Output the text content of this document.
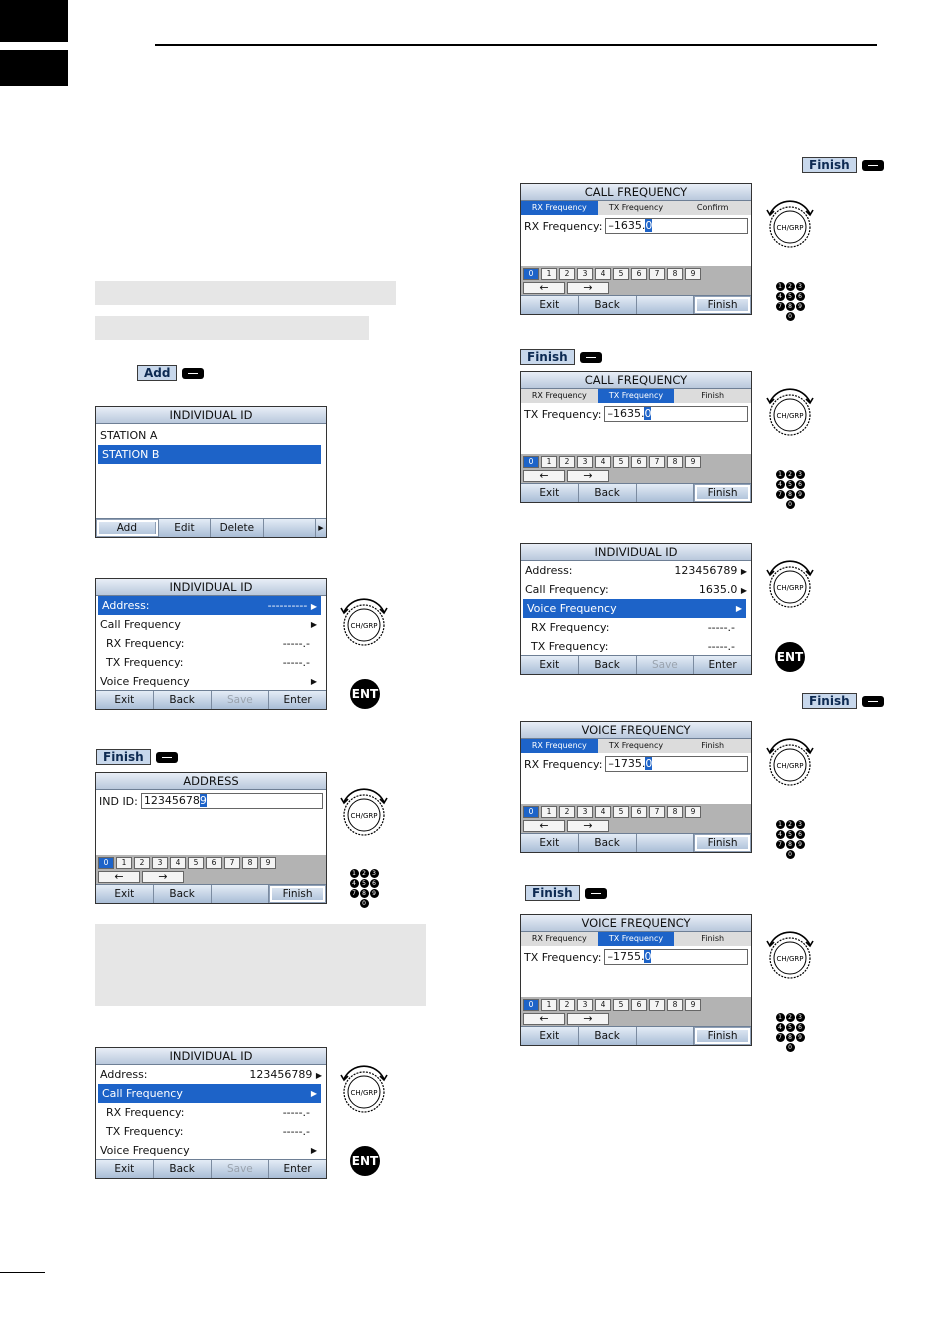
Add
Finish
Finish
Finish
Finish
Finish
INDIVIDUAL ID
STATION A
STATION B
Add	Edit	Delete	▶
INDIVIDUAL ID
Address:	---------- ▶
Call Frequency	▶
RX Frequency:	-----.-
TX Frequency:	-----.-
Voice Frequency	▶
Exit	Back	Save	Enter
ADDRESS
IND ID: 123456789
0	1	2	3	4	5	6	7	8	9
←	→
Exit	Back	Finish
INDIVIDUAL ID
Address:	123456789 ▶
Call Frequency	▶
RX Frequency:	-----.-
TX Frequency:	-----.-
Voice Frequency	▶
Exit	Back	Save	Enter
CALL FREQUENCY
RX Frequency	TX Frequency	Confirm
RX Frequency: –1635.0
0	1	2	3	4	5	6	7	8	9
←	→
Exit	Back	Finish
CALL FREQUENCY
RX Frequency	TX Frequency	Finish
TX Frequency: –1635.0
0	1	2	3	4	5	6	7	8	9
←	→
Exit	Back	Finish
INDIVIDUAL ID
Address:	123456789 ▶
Call Frequency:	1635.0 ▶
Voice Frequency	▶
RX Frequency:	-----.-
TX Frequency:	-----.-
Exit	Back	Save	Enter
VOICE FREQUENCY
RX Frequency	TX Frequency	Finish
RX Frequency: –1735.0
0	1	2	3	4	5	6	7	8	9
←	→
Exit	Back	Finish
VOICE FREQUENCY
RX Frequency	TX Frequency	Finish
TX Frequency: –1755.0
0	1	2	3	4	5	6	7	8	9
←	→
Exit	Back	Finish
CH/GRP
CH/GRP
CH/GRP
CH/GRP
CH/GRP
CH/GRP
CH/GRP
CH/GRP
ENT
ENT
ENT
1	2	3
4	5	6
7	8	9
0
1	2	3
4	5	6
7	8	9
0
1	2	3
4	5	6
7	8	9
0
1	2	3
4	5	6
7	8	9
0
1	2	3
4	5	6
7	8	9
0
